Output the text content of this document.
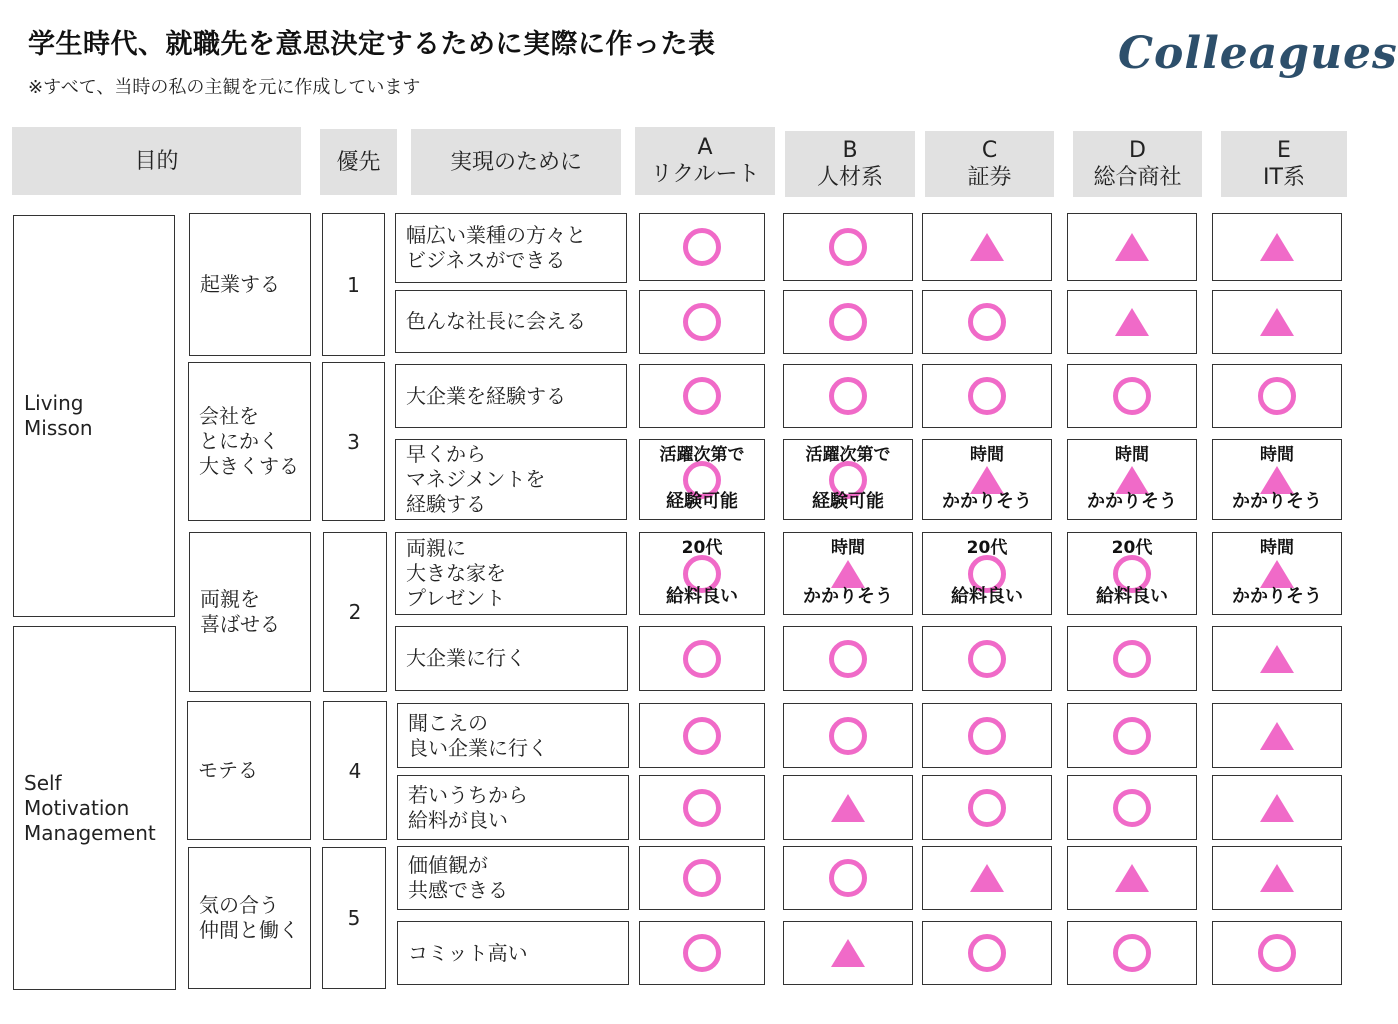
学生時代、就職先を意思決定するために実際に作った表
※すべて、当時の私の主観を元に作成しています
Colleagues
目的	優先	実現のために
A
リクルート
B
人材系
C
証券
D
総合商社
E
IT系
Living
Misson
Self
Motivation
Management
起業する
会社を
とにかく
大きくする
両親を
喜ばせる
モテる
気の合う
仲間と働く
1
3
2
4
5
幅広い業種の方々と
ビジネスができる
色んな社長に会える
大企業を経験する
早くから
マネジメントを
経験する
両親に
大きな家を
プレゼント
大企業に行く
聞こえの
良い企業に行く
若いうちから
給料が良い
価値観が
共感できる
コミット高い
活躍次第で
経験可能
活躍次第で
経験可能
時間
かかりそう
時間
かかりそう
時間
かかりそう
20代
給料良い
時間
かかりそう
20代
給料良い
20代
給料良い
時間
かかりそう
